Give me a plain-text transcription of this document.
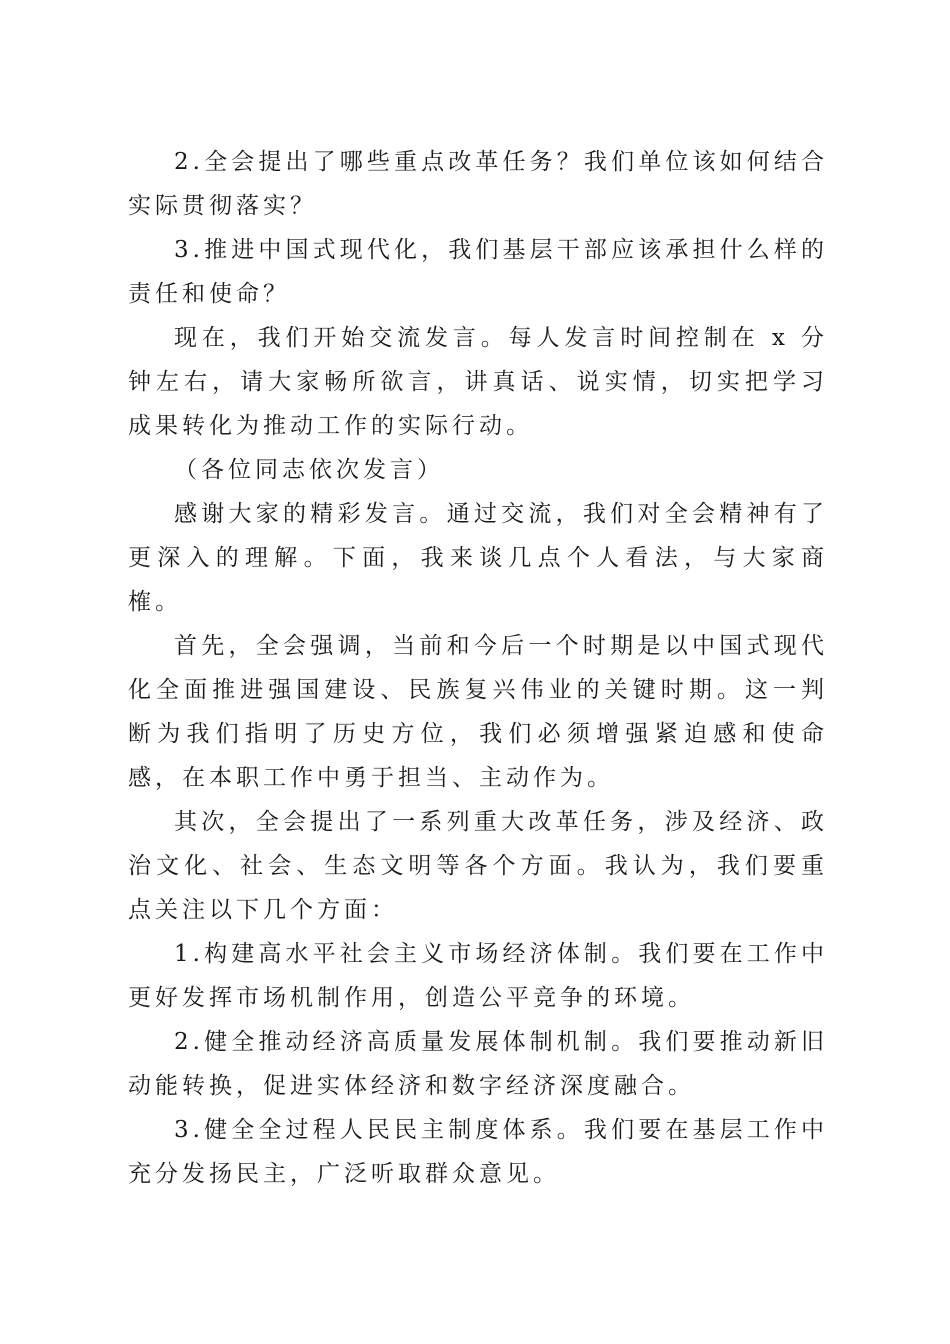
2.全会提出了哪些重点改革任务？我们单位该如何结合实际贯彻落实？

3.推进中国式现代化，我们基层干部应该承担什么样的责任和使命？

现在，我们开始交流发言。每人发言时间控制在 x 分钟左右，请大家畅所欲言，讲真话、说实情，切实把学习成果转化为推动工作的实际行动。

（各位同志依次发言）

感谢大家的精彩发言。通过交流，我们对全会精神有了更深入的理解。下面，我来谈几点个人看法，与大家商榷。

首先，全会强调，当前和今后一个时期是以中国式现代化全面推进强国建设、民族复兴伟业的关键时期。这一判断为我们指明了历史方位，我们必须增强紧迫感和使命感，在本职工作中勇于担当、主动作为。

其次，全会提出了一系列重大改革任务，涉及经济、政治文化、社会、生态文明等各个方面。我认为，我们要重点关注以下几个方面：

1.构建高水平社会主义市场经济体制。我们要在工作中更好发挥市场机制作用，创造公平竞争的环境。

2.健全推动经济高质量发展体制机制。我们要推动新旧动能转换，促进实体经济和数字经济深度融合。

3.健全全过程人民民主制度体系。我们要在基层工作中充分发扬民主，广泛听取群众意见。
